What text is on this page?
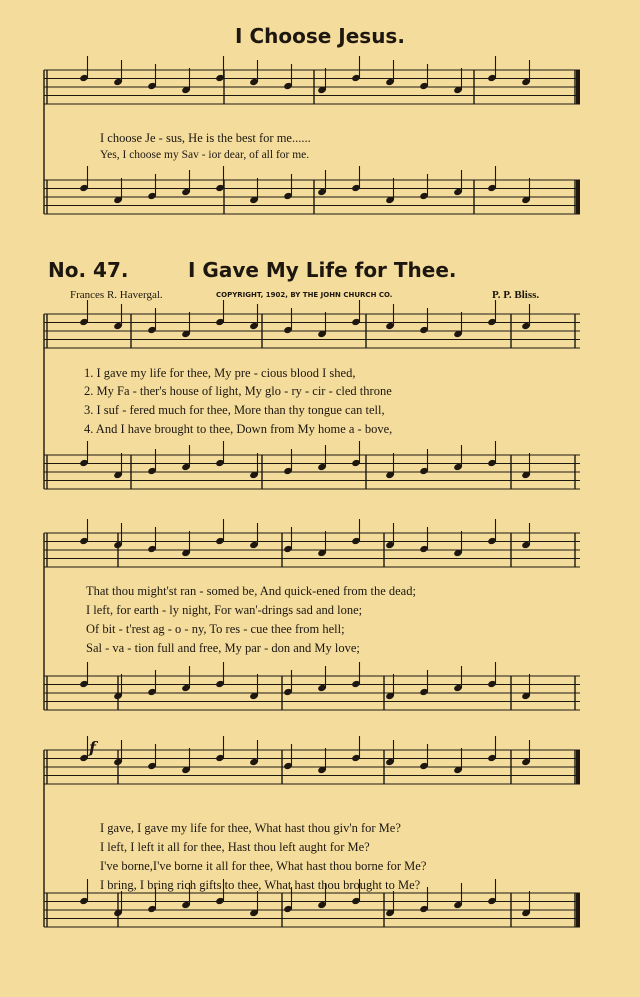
I Choose Jesus.
I choose Je - sus, He is the best for me......
Yes, I choose my Sav - ior dear, of all for me.
No. 47.	I Gave My Life for Thee.
Frances R. Havergal.	COPYRIGHT, 1902, BY THE JOHN CHURCH CO.	P. P. Bliss.
1. I gave my life for thee, My pre - cious blood I shed,
2. My Fa - ther's house of light, My glo - ry - cir - cled throne
3. I suf - fered much for thee, More than thy tongue can tell,
4. And I have brought to thee, Down from My home a - bove,
That thou might'st ran - somed be, And quick-ened from the dead;
I left, for earth - ly night, For wan'-drings sad and lone;
Of bit - t'rest ag - o - ny, To res - cue thee from hell;
Sal - va - tion full and free, My par - don and My love;
f
I gave, I gave my life for thee, What hast thou giv'n for Me?
I left, I left it all for thee, Hast thou left aught for Me?
I've borne,I've borne it all for thee, What hast thou borne for Me?
I bring, I bring rich gifts to thee, What hast thou brought to Me?
